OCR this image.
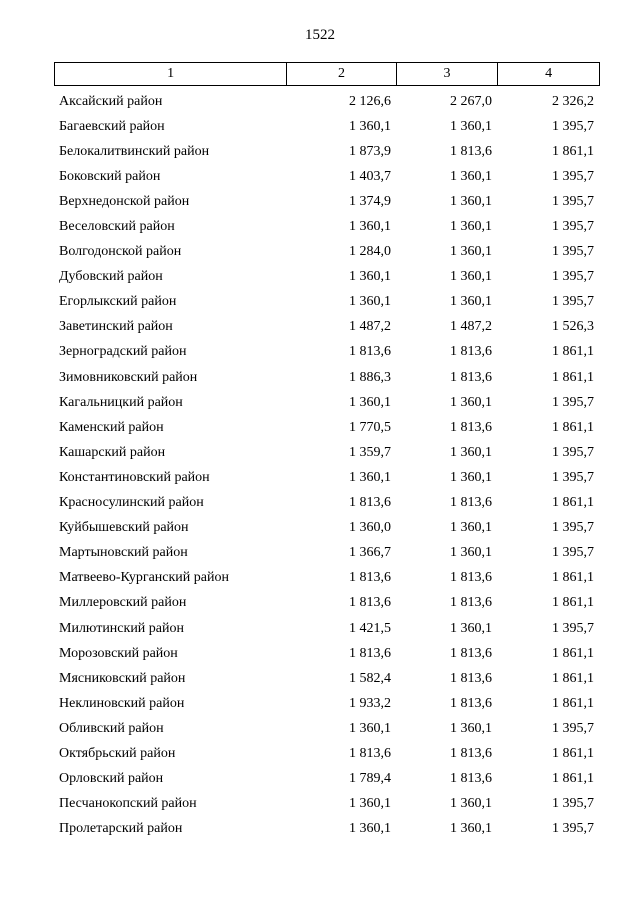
1522
1	2	3	4
Аксайский район	2 126,6	2 267,0	2 326,2
Багаевский район	1 360,1	1 360,1	1 395,7
Белокалитвинский район	1 873,9	1 813,6	1 861,1
Боковский район	1 403,7	1 360,1	1 395,7
Верхнедонской район	1 374,9	1 360,1	1 395,7
Веселовский район	1 360,1	1 360,1	1 395,7
Волгодонской район	1 284,0	1 360,1	1 395,7
Дубовский район	1 360,1	1 360,1	1 395,7
Егорлыкский район	1 360,1	1 360,1	1 395,7
Заветинский район	1 487,2	1 487,2	1 526,3
Зерноградский район	1 813,6	1 813,6	1 861,1
Зимовниковский район	1 886,3	1 813,6	1 861,1
Кагальницкий район	1 360,1	1 360,1	1 395,7
Каменский район	1 770,5	1 813,6	1 861,1
Кашарский район	1 359,7	1 360,1	1 395,7
Константиновский район	1 360,1	1 360,1	1 395,7
Красносулинский район	1 813,6	1 813,6	1 861,1
Куйбышевский район	1 360,0	1 360,1	1 395,7
Мартыновский район	1 366,7	1 360,1	1 395,7
Матвеево-Курганский район	1 813,6	1 813,6	1 861,1
Миллеровский район	1 813,6	1 813,6	1 861,1
Милютинский район	1 421,5	1 360,1	1 395,7
Морозовский район	1 813,6	1 813,6	1 861,1
Мясниковский район	1 582,4	1 813,6	1 861,1
Неклиновский район	1 933,2	1 813,6	1 861,1
Обливский район	1 360,1	1 360,1	1 395,7
Октябрьский район	1 813,6	1 813,6	1 861,1
Орловский район	1 789,4	1 813,6	1 861,1
Песчанокопский район	1 360,1	1 360,1	1 395,7
Пролетарский район	1 360,1	1 360,1	1 395,7
